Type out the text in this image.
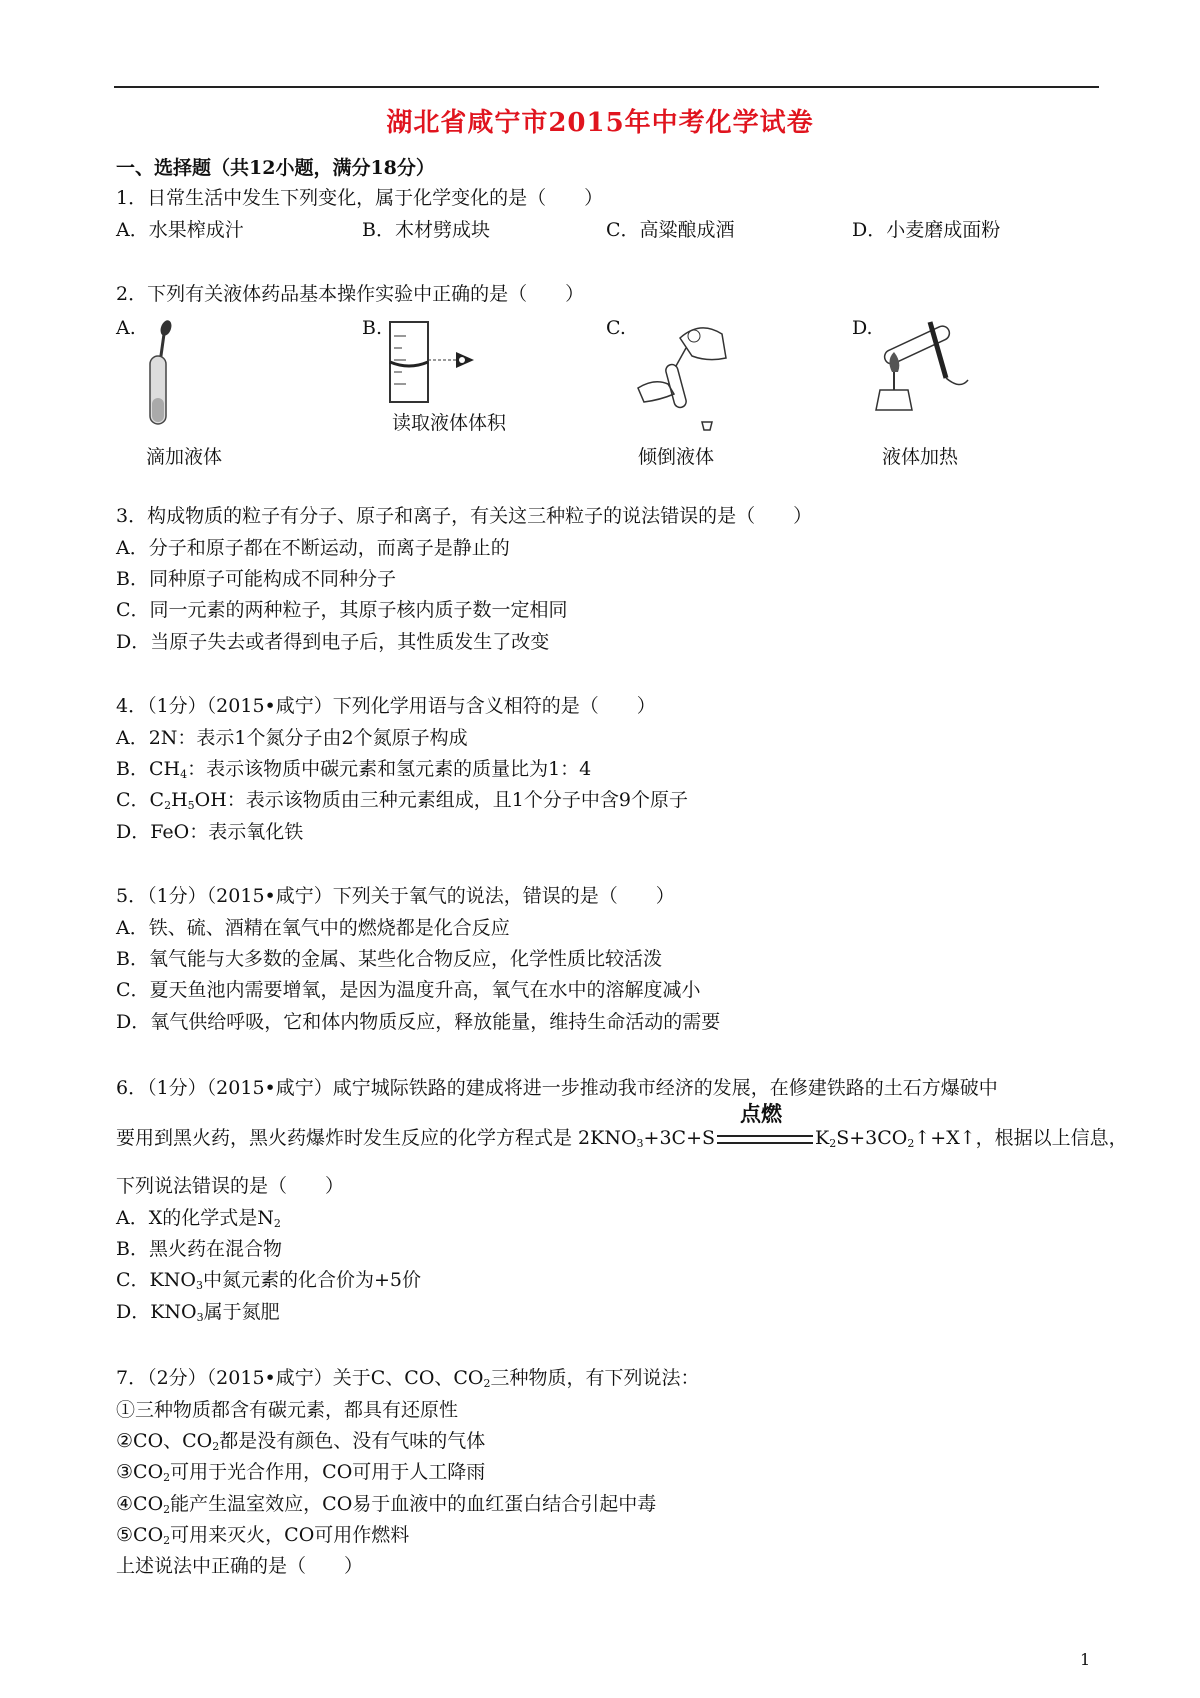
湖北省咸宁市2015年中考化学试卷
一、选择题（共12小题，满分18分）
1．日常生活中发生下列变化，属于化学变化的是（　　）
A．水果榨成汁	B．木材劈成块	C．高粱酿成酒	D．小麦磨成面粉
2．下列有关液体药品基本操作实验中正确的是（　　）
A.	B.	C.	D.
读取液体体积
滴加液体	倾倒液体	液体加热
3．构成物质的粒子有分子、原子和离子，有关这三种粒子的说法错误的是（　　）
A．分子和原子都在不断运动，而离子是静止的
B．同种原子可能构成不同种分子
C．同一元素的两种粒子，其原子核内质子数一定相同
D．当原子失去或者得到电子后，其性质发生了改变
4．（1分）（2015•咸宁）下列化学用语与含义相符的是（　　）
A．2N：表示1个氮分子由2个氮原子构成
B．$CH_4$：表示该物质中碳元素和氢元素的质量比为1：4
C．$C_2H_5OH$：表示该物质由三种元素组成，且1个分子中含9个原子
D．FeO：表示氧化铁
5．（1分）（2015•咸宁）下列关于氧气的说法，错误的是（　　）
A．铁、硫、酒精在氧气中的燃烧都是化合反应
B．氧气能与大多数的金属、某些化合物反应，化学性质比较活泼
C．夏天鱼池内需要增氧，是因为温度升高，氧气在水中的溶解度减小
D．氧气供给呼吸，它和体内物质反应，释放能量，维持生命活动的需要
6．（1分）（2015•咸宁）咸宁城际铁路的建成将进一步推动我市经济的发展，在修建铁路的土石方爆破中
点燃
要用到黑火药，黑火药爆炸时发生反应的化学方程式是 $2KNO_3+3C+S$	$K_2S+3CO_2↑+X↑$，根据以上信息，
下列说法错误的是（　　）
A．X的化学式是$N_2$
B．黑火药在混合物
C．$KNO_3$中氮元素的化合价为+5价
D．$KNO_3$属于氮肥
7．（2分）（2015•咸宁）关于C、CO、$CO_2$三种物质，有下列说法：
①三种物质都含有碳元素，都具有还原性
②CO、$CO_2$都是没有颜色、没有气味的气体
$③CO_2$可用于光合作用，CO可用于人工降雨
$④CO_2$能产生温室效应，CO易于血液中的血红蛋白结合引起中毒
$⑤CO_2$可用来灭火，CO可用作燃料
上述说法中正确的是（　　）
1
